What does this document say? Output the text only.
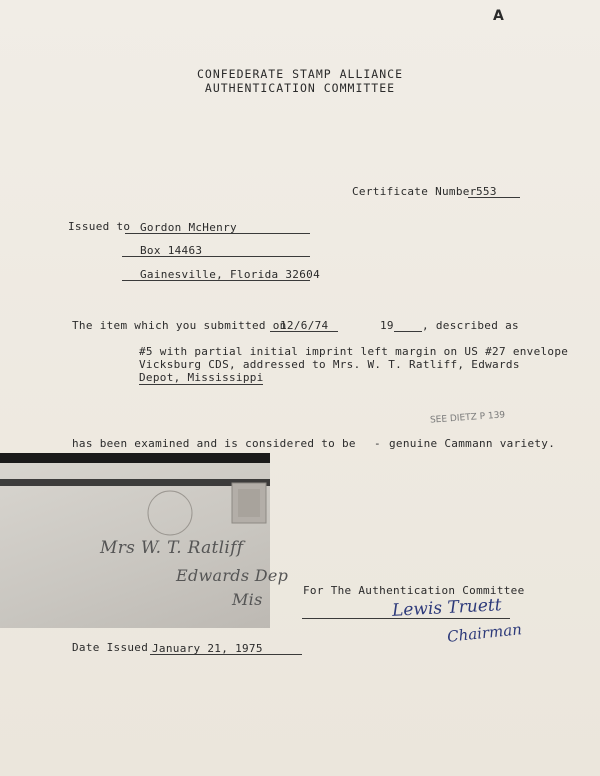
A
CONFEDERATE STAMP ALLIANCE
AUTHENTICATION COMMITTEE
Certificate Number 553
Issued to Gordon McHenry
Box 14463
Gainesville, Florida 32604
The item which you submitted on
12/6/74	19	, described as
#5 with partial initial imprint left margin on US #27 envelope
Vicksburg CDS, addressed to Mrs. W. T. Ratliff, Edwards
Depot, Mississippi
SEE DIETZ P 139
has been examined and is considered to be - genuine Cammann variety.
Mrs W. T. Ratliff
Edwards Dep
Mis	For The Authentication Committee
Lewis Truett
Chairman
Date Issued January 21, 1975
